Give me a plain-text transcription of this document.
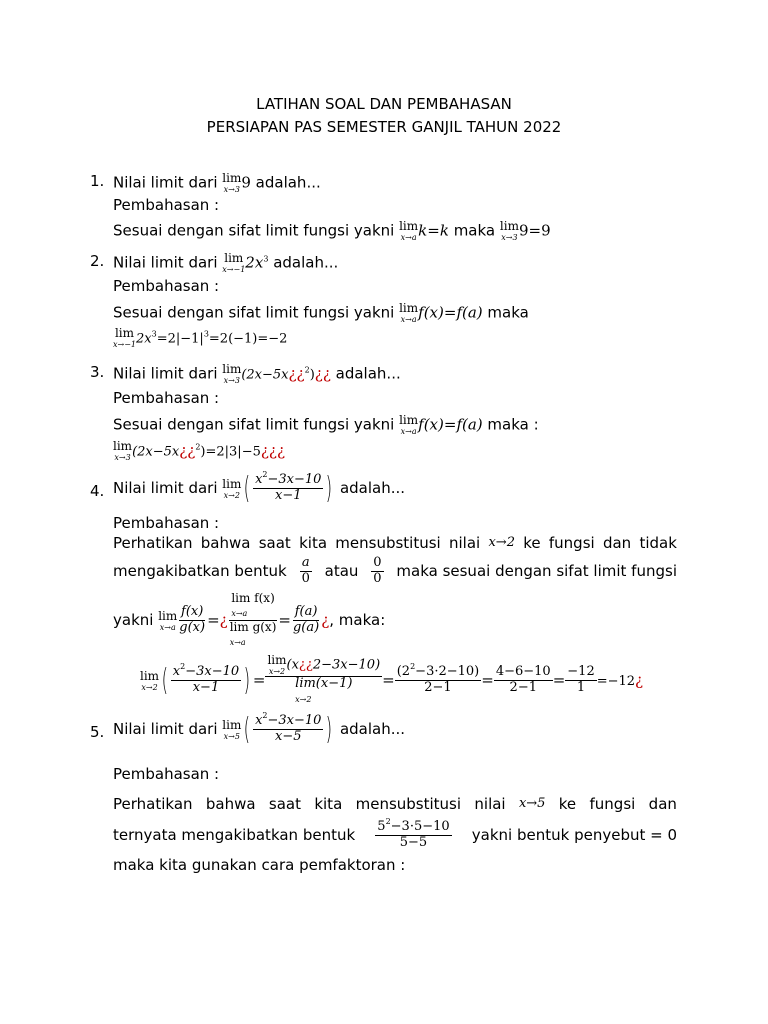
LATIHAN SOAL DAN PEMBAHASAN
PERSIAPAN PAS SEMESTER GANJIL TAHUN 2022
1. Nilai limit dari lim
x→3 9 adalah...
Pembahasan :
Sesuai dengan sifat limit fungsi yakni lim
x→a k=k maka lim
x→3 9=9
2. Nilai limit dari lim
x→−1 $2x^3$ adalah...
Pembahasan :
Sesuai dengan sifat limit fungsi yakni lim
x→a f(x)=f(a) maka
lim
x→−1 $2x^3=2|-1|^3=2(-1)=-2$
3. Nilai limit dari lim
x→3 (2x−5x¿¿$^2$)¿¿ adalah...
Pembahasan :
Sesuai dengan sifat limit fungsi yakni lim
x→a f(x)=f(a) maka :
lim
x→3 (2x−5x¿¿$^2$)=2|3|−5¿¿¿
4. Nilai limit dari lim
x→2 ( $\frac{x^2-3x-10}{x-1}$ ) adalah...
Pembahasan :
Perhatikan bahwa saat kita mensubstitusi nilai x→2 ke fungsi dan tidak
mengakibatkan bentuk $\frac{a}{0}$ atau $\frac{0}{0}$ maka sesuai dengan sifat limit fungsi
yakni lim
$x\to a \frac{f(x)}{g(x)}$ =¿
lim f(x)
x→a
lim g(x)
x→a
= $\frac{f(a)}{g(a)}$ ¿, maka:
lim
x→2 ( $\frac{x^2-3x-10}{x-1}$ ) =
lim
x→2 (x¿¿2−3x−10)
lim(x−1)
x→2
= $\frac{(2^2-3\cdot 2-10)}{2-1} = \frac{4-6-10}{2-1} = \frac{-12}{1}$ =−12¿
5. Nilai limit dari lim
x→5 ( $\frac{x^2-3x-10}{x-5}$ ) adalah...
Pembahasan :
Perhatikan bahwa saat kita mensubstitusi nilai x→5 ke fungsi dan
ternyata mengakibatkan bentuk $\frac{5^2-3\cdot 5-10}{5-5}$ yakni bentuk penyebut = 0
maka kita gunakan cara pemfaktoran :
